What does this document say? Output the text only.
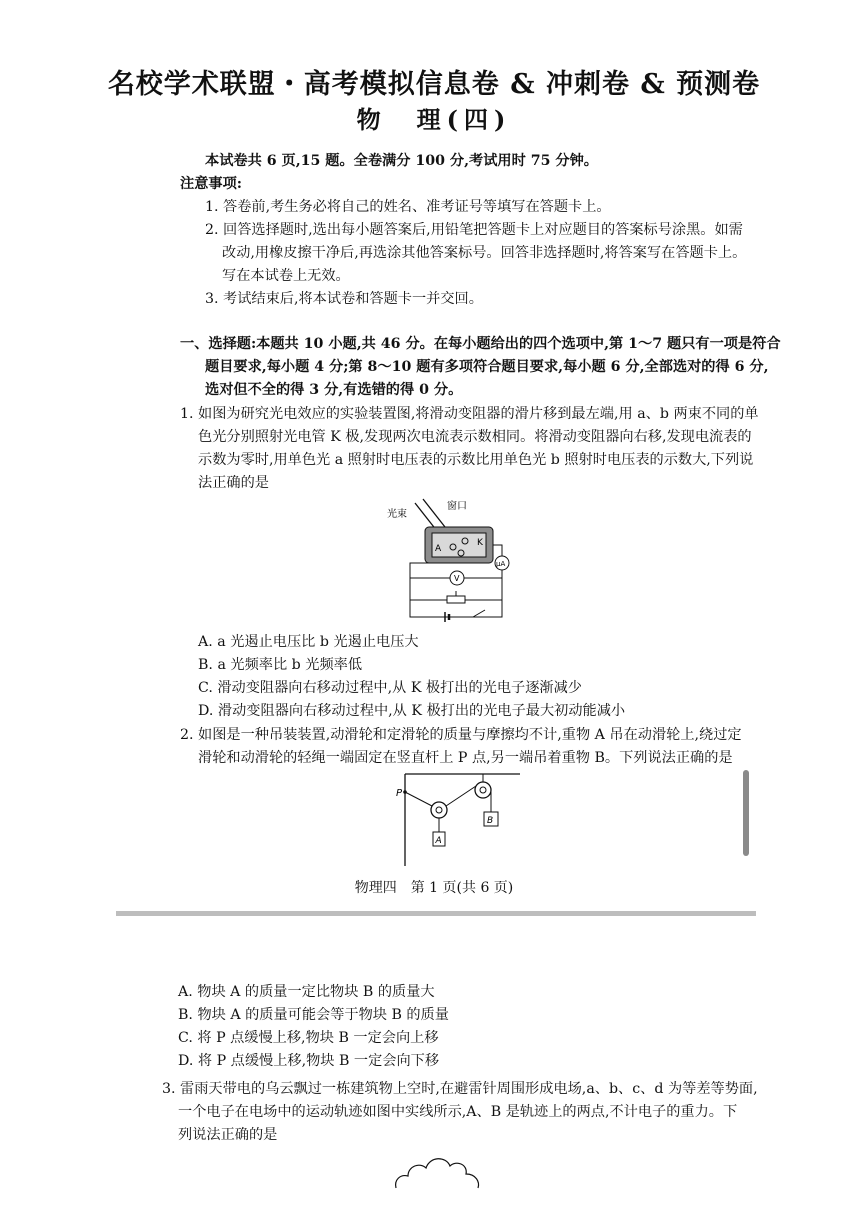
名校学术联盟・高考模拟信息卷 & 冲刺卷 & 预测卷
物　理(四)
本试卷共 6 页,15 题。全卷满分 100 分,考试用时 75 分钟。
注意事项:
1. 答卷前,考生务必将自己的姓名、准考证号等填写在答题卡上。
2. 回答选择题时,选出每小题答案后,用铅笔把答题卡上对应题目的答案标号涂黑。如需
改动,用橡皮擦干净后,再选涂其他答案标号。回答非选择题时,将答案写在答题卡上。
写在本试卷上无效。
3. 考试结束后,将本试卷和答题卡一并交回。
一、选择题:本题共 10 小题,共 46 分。在每小题给出的四个选项中,第 1～7 题只有一项是符合
题目要求,每小题 4 分;第 8～10 题有多项符合题目要求,每小题 6 分,全部选对的得 6 分,
选对但不全的得 3 分,有选错的得 0 分。
1. 如图为研究光电效应的实验装置图,将滑动变阻器的滑片移到最左端,用 a、b 两束不同的单
色光分别照射光电管 K 极,发现两次电流表示数相同。将滑动变阻器向右移,发现电流表的
示数为零时,用单色光 a 照射时电压表的示数比用单色光 b 照射时电压表的示数大,下列说
法正确的是
光束
窗口
A
K
μA
V
A. a 光遏止电压比 b 光遏止电压大
B. a 光频率比 b 光频率低
C. 滑动变阻器向右移动过程中,从 K 极打出的光电子逐渐减少
D. 滑动变阻器向右移动过程中,从 K 极打出的光电子最大初动能减小
2. 如图是一种吊装装置,动滑轮和定滑轮的质量与摩擦均不计,重物 A 吊在动滑轮上,绕过定
滑轮和动滑轮的轻绳一端固定在竖直杆上 P 点,另一端吊着重物 B。下列说法正确的是
P
A
B
物理四　第 1 页(共 6 页)
A. 物块 A 的质量一定比物块 B 的质量大
B. 物块 A 的质量可能会等于物块 B 的质量
C. 将 P 点缓慢上移,物块 B 一定会向上移
D. 将 P 点缓慢上移,物块 B 一定会向下移
3. 雷雨天带电的乌云飘过一栋建筑物上空时,在避雷针周围形成电场,a、b、c、d 为等差等势面,
一个电子在电场中的运动轨迹如图中实线所示,A、B 是轨迹上的两点,不计电子的重力。下
列说法正确的是
